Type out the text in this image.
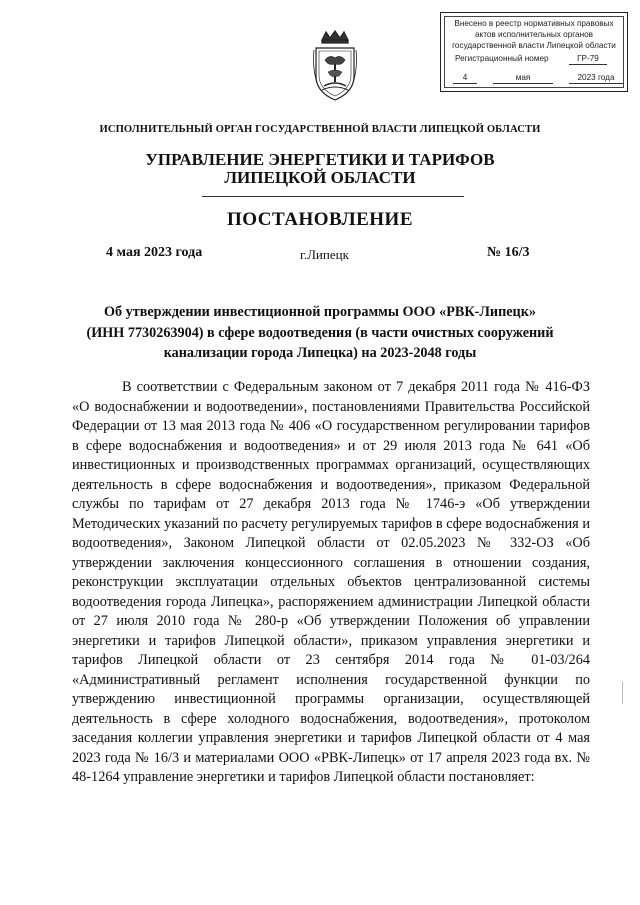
Внесено в реестр нормативных правовых
актов исполнительных органов
государственной власти Липецкой области
Регистрационный номер	ГР-79
4	мая	2023 года
ИСПОЛНИТЕЛЬНЫЙ ОРГАН ГОСУДАРСТВЕННОЙ ВЛАСТИ ЛИПЕЦКОЙ ОБЛАСТИ
УПРАВЛЕНИЕ ЭНЕРГЕТИКИ И ТАРИФОВ
ЛИПЕЦКОЙ ОБЛАСТИ
ПОСТАНОВЛЕНИЕ
4 мая 2023 года	г.Липецк	№ 16/3
Об утверждении инвестиционной программы ООО «РВК-Липецк»
(ИНН 7730263904) в сфере водоотведения (в части очистных сооружений
канализации города Липецка) на 2023-2048 годы

В соответствии с Федеральным законом от 7 декабря 2011 года № 416-ФЗ «О водоснабжении и водоотведении», постановлениями Правительства Российской Федерации от 13 мая 2013 года № 406 «О государственном регулировании тарифов в сфере водоснабжения и водоотведения» и от 29 июля 2013 года № 641 «Об инвестиционных и производственных программах организаций, осуществляющих деятельность в сфере водоснабжения и водоотведения», приказом Федеральной службы по тарифам от 27 декабря 2013 года № 1746-э «Об утверждении Методических указаний по расчету регулируемых тарифов в сфере водоснабжения и водоотведения», Законом Липецкой области от 02.05.2023 № 332-ОЗ «Об утверждении заключения концессионного соглашения в отношении создания, реконструкции эксплуатации отдельных объектов централизованной системы водоотведения города Липецка», распоряжением администрации Липецкой области от 27 июля 2010 года № 280-р «Об утверждении Положения об управлении энергетики и тарифов Липецкой области», приказом управления энергетики и тарифов Липецкой области от 23 сентября 2014 года № 01-03/264 «Административный регламент исполнения государственной функции по утверждению инвестиционной программы организации, осуществляющей деятельность в сфере холодного водоснабжения, водоотведения», протоколом заседания коллегии управления энергетики и тарифов Липецкой области от 4 мая 2023 года № 16/3 и материалами ООО «РВК-Липецк» от 17 апреля 2023 года вх. № 48-1264 управление энергетики и тарифов Липецкой области постановляет:
